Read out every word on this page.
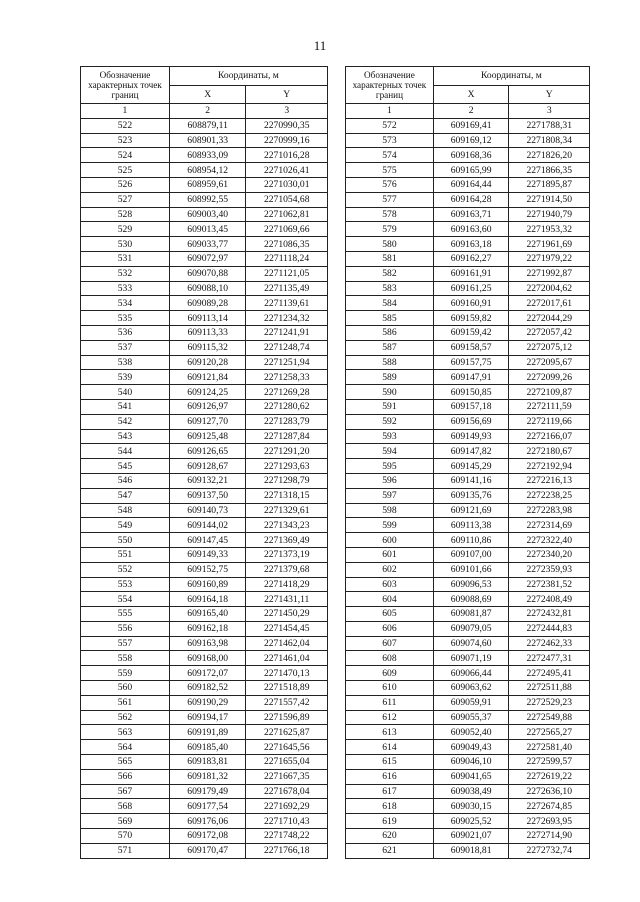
11
Обозначение характерных точек границ	Координаты, м	
	X	Y
1	2	3
522	608879,11	2270990,35
523	608901,33	2270999,16
524	608933,09	2271016,28
525	608954,12	2271026,41
526	608959,61	2271030,01
527	608992,55	2271054,68
528	609003,40	2271062,81
529	609013,45	2271069,66
530	609033,77	2271086,35
531	609072,97	2271118,24
532	609070,88	2271121,05
533	609088,10	2271135,49
534	609089,28	2271139,61
535	609113,14	2271234,32
536	609113,33	2271241,91
537	609115,32	2271248,74
538	609120,28	2271251,94
539	609121,84	2271258,33
540	609124,25	2271269,28
541	609126,97	2271280,62
542	609127,70	2271283,79
543	609125,48	2271287,84
544	609126,65	2271291,20
545	609128,67	2271293,63
546	609132,21	2271298,79
547	609137,50	2271318,15
548	609140,73	2271329,61
549	609144,02	2271343,23
550	609147,45	2271369,49
551	609149,33	2271373,19
552	609152,75	2271379,68
553	609160,89	2271418,29
554	609164,18	2271431,11
555	609165,40	2271450,29
556	609162,18	2271454,45
557	609163,98	2271462,04
558	609168,00	2271461,04
559	609172,07	2271470,13
560	609182,52	2271518,89
561	609190,29	2271557,42
562	609194,17	2271596,89
563	609191,89	2271625,87
564	609185,40	2271645,56
565	609183,81	2271655,04
566	609181,32	2271667,35
567	609179,49	2271678,04
568	609177,54	2271692,29
569	609176,06	2271710,43
570	609172,08	2271748,22
571	609170,47	2271766,18
Обозначение характерных точек границ	Координаты, м	
	X	Y
1	2	3
572	609169,41	2271788,31
573	609169,12	2271808,34
574	609168,36	2271826,20
575	609165,99	2271866,35
576	609164,44	2271895,87
577	609164,28	2271914,50
578	609163,71	2271940,79
579	609163,60	2271953,32
580	609163,18	2271961,69
581	609162,27	2271979,22
582	609161,91	2271992,87
583	609161,25	2272004,62
584	609160,91	2272017,61
585	609159,82	2272044,29
586	609159,42	2272057,42
587	609158,57	2272075,12
588	609157,75	2272095,67
589	609147,91	2272099,26
590	609150,85	2272109,87
591	609157,18	2272111,59
592	609156,69	2272119,66
593	609149,93	2272166,07
594	609147,82	2272180,67
595	609145,29	2272192,94
596	609141,16	2272216,13
597	609135,76	2272238,25
598	609121,69	2272283,98
599	609113,38	2272314,69
600	609110,86	2272322,40
601	609107,00	2272340,20
602	609101,66	2272359,93
603	609096,53	2272381,52
604	609088,69	2272408,49
605	609081,87	2272432,81
606	609079,05	2272444,83
607	609074,60	2272462,33
608	609071,19	2272477,31
609	609066,44	2272495,41
610	609063,62	2272511,88
611	609059,91	2272529,23
612	609055,37	2272549,88
613	609052,40	2272565,27
614	609049,43	2272581,40
615	609046,10	2272599,57
616	609041,65	2272619,22
617	609038,49	2272636,10
618	609030,15	2272674,85
619	609025,52	2272693,95
620	609021,07	2272714,90
621	609018,81	2272732,74
